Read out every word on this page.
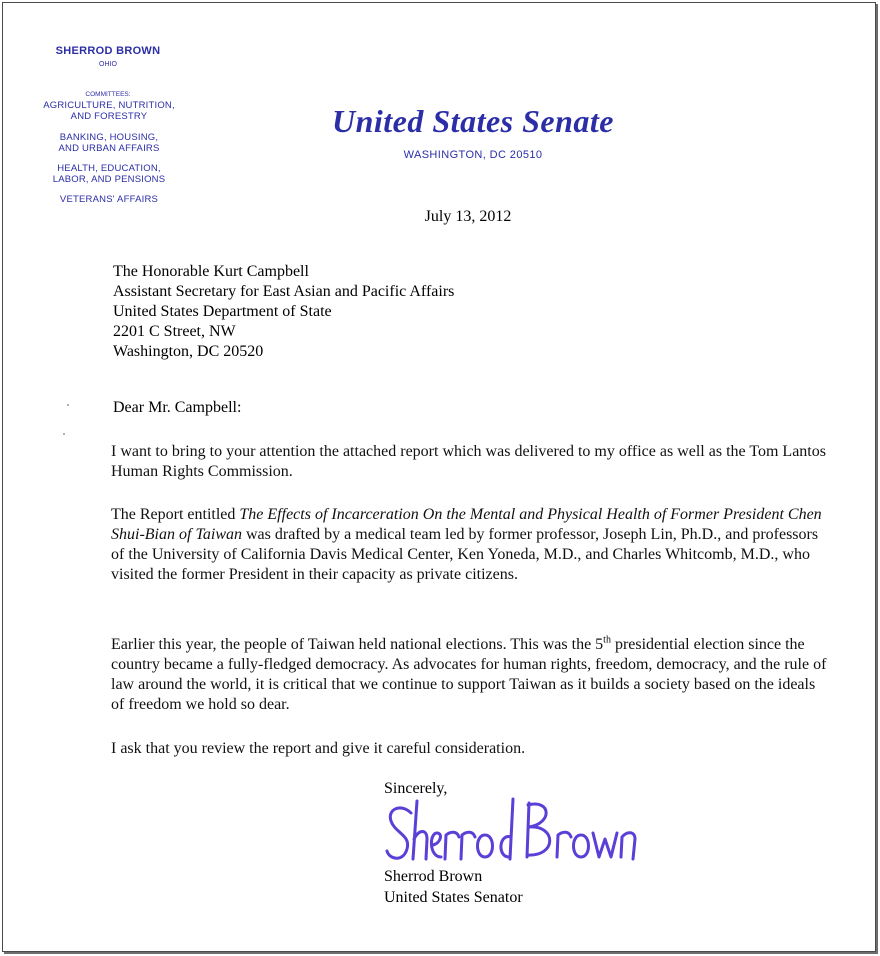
SHERROD BROWN
OHIO
COMMITTEES:
AGRICULTURE, NUTRITION,
AND FORESTRY
BANKING, HOUSING,
AND URBAN AFFAIRS
HEALTH, EDUCATION,
LABOR, AND PENSIONS
VETERANS' AFFAIRS
United States Senate
WASHINGTON, DC 20510
July 13, 2012
The Honorable Kurt Campbell
Assistant Secretary for East Asian and Pacific Affairs
United States Department of State
2201 C Street, NW
Washington, DC 20520
Dear Mr. Campbell:
I want to bring to your attention the attached report which was delivered to my office as well as the Tom Lantos Human Rights Commission.
The Report entitled The Effects of Incarceration On the Mental and Physical Health of Former President Chen Shui-Bian of Taiwan was drafted by a medical team led by former professor, Joseph Lin, Ph.D., and professors of the University of California Davis Medical Center, Ken Yoneda, M.D., and Charles Whitcomb, M.D., who visited the former President in their capacity as private citizens.
Earlier this year, the people of Taiwan held national elections. This was the 5th presidential election since the country became a fully-fledged democracy. As advocates for human rights, freedom, democracy, and the rule of law around the world, it is critical that we continue to support Taiwan as it builds a society based on the ideals of freedom we hold so dear.
I ask that you review the report and give it careful consideration.
Sincerely,
Sherrod Brown
United States Senator
